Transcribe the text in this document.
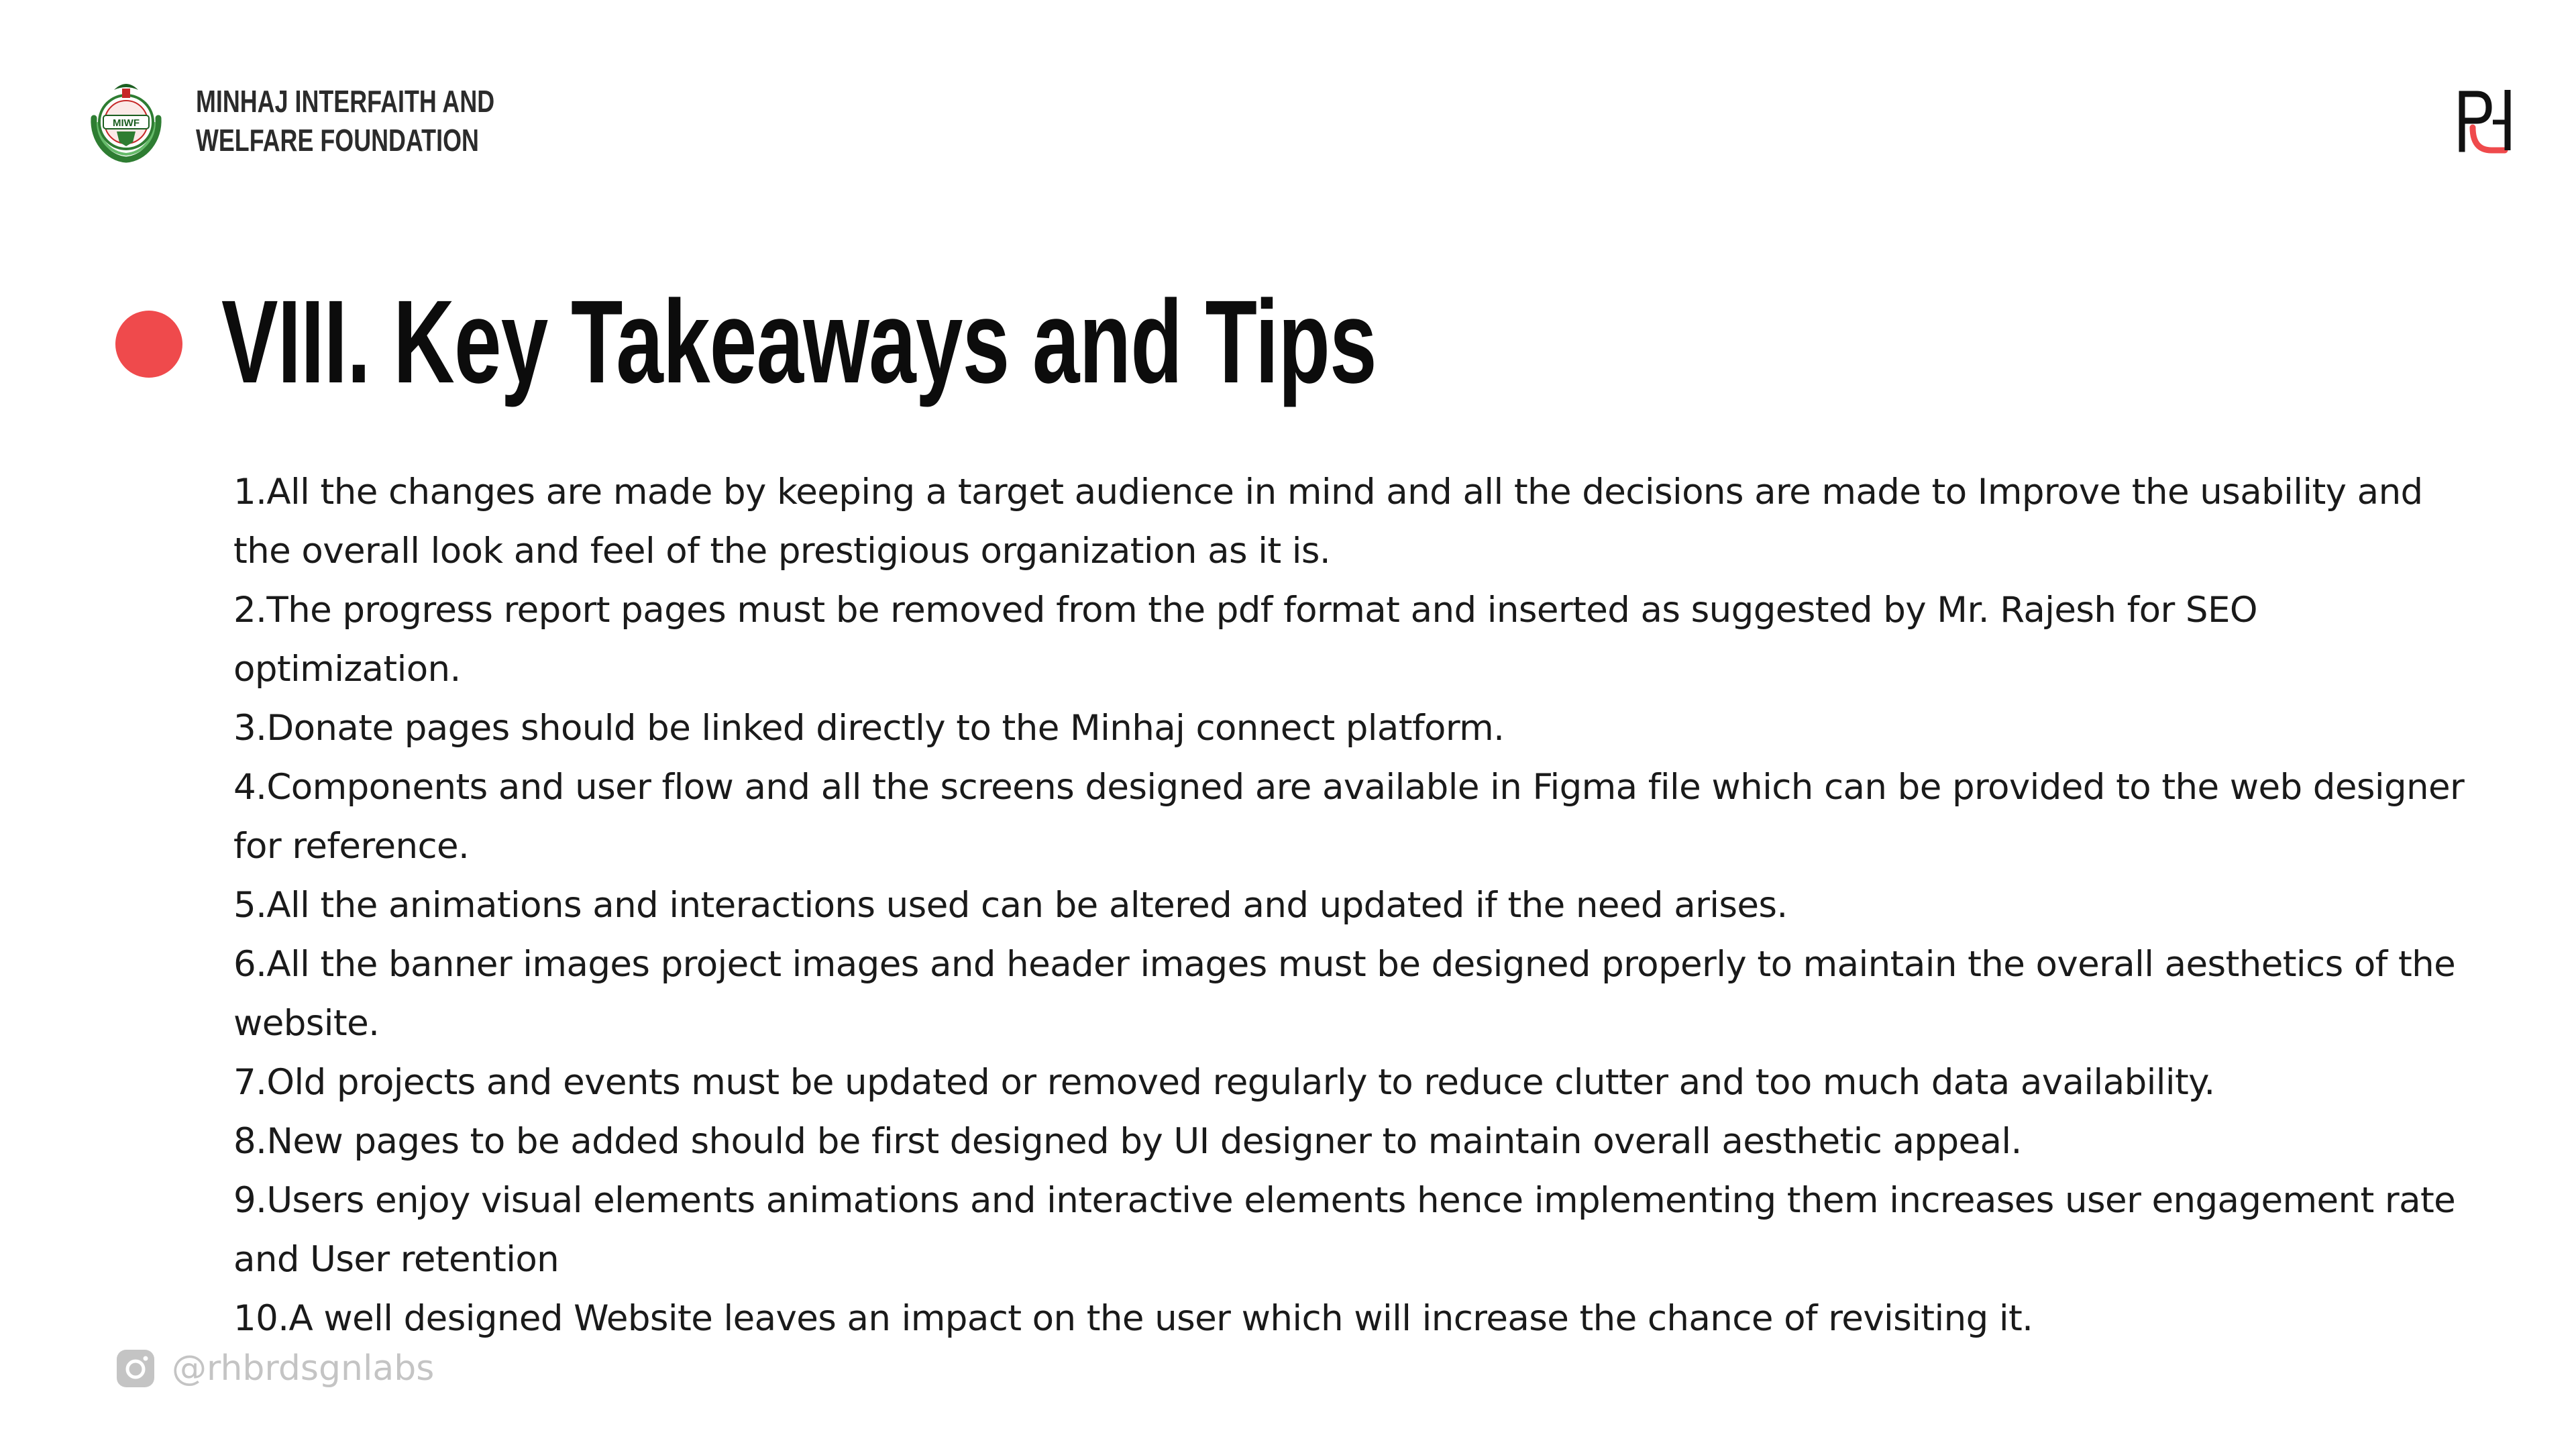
MIWF
MINHAJ INTERFAITH AND
WELFARE FOUNDATION
VIII. Key Takeaways and Tips
1.All the changes are made by keeping a target audience in mind and all the decisions are made to Improve the usability and the overall look and feel of the prestigious organization as it is.
2.The progress report pages must be removed from the pdf format and inserted as suggested by Mr. Rajesh for SEO optimization.
3.Donate pages should be linked directly to the Minhaj connect platform.
4.Components and user flow and all the screens designed are available in Figma file which can be provided to the web designer for reference.
5.All the animations and interactions used can be altered and updated if the need arises.
6.All the banner images project images and header images must be designed properly to maintain the overall aesthetics of the website.
7.Old projects and events must be updated or removed regularly to reduce clutter and too much data availability.
8.New pages to be added should be first designed by UI designer to maintain overall aesthetic appeal.
9.Users enjoy visual elements animations and interactive elements hence implementing them increases user engagement rate and User retention
10.A well designed Website leaves an impact on the user which will increase the chance of revisiting it.
@rhbrdsgnlabs
